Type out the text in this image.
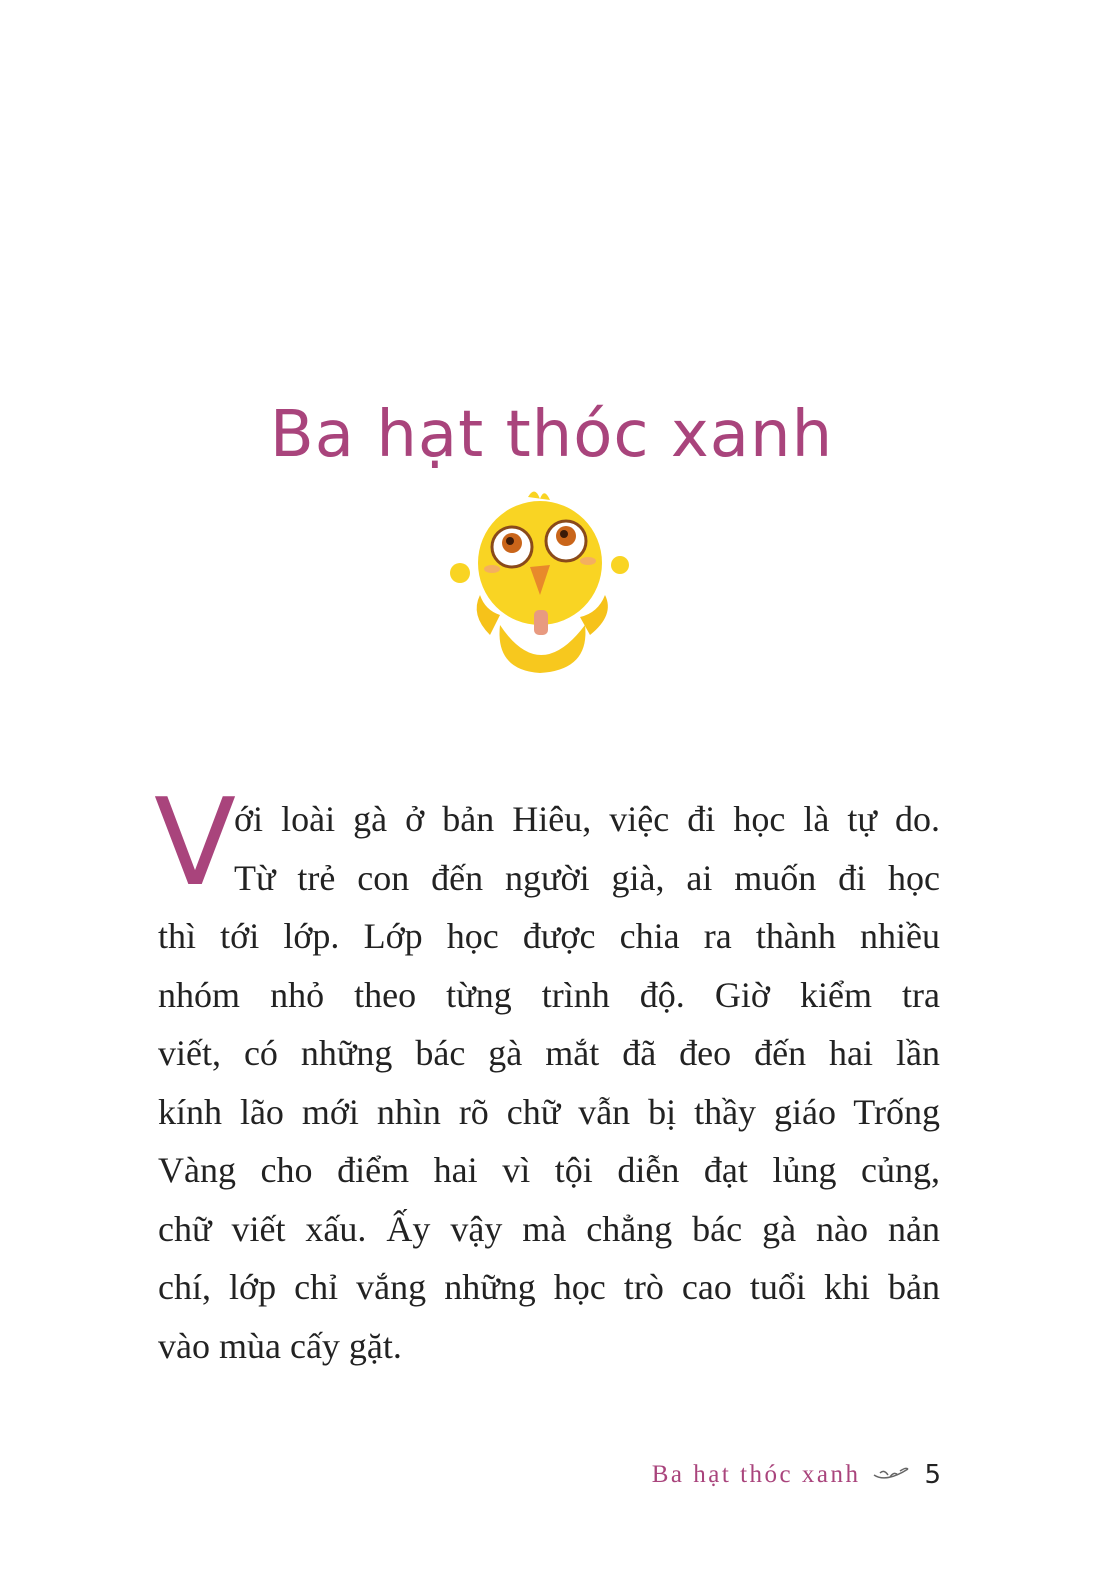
Ba hạt thóc xanh
V
ới loài gà ở bản Hiêu, việc đi học là tự do.
Từ trẻ con đến người già, ai muốn đi học
thì tới lớp. Lớp học được chia ra thành nhiều
nhóm nhỏ theo từng trình độ. Giờ kiểm tra
viết, có những bác gà mắt đã đeo đến hai lần
kính lão mới nhìn rõ chữ vẫn bị thầy giáo Trống
Vàng cho điểm hai vì tội diễn đạt lủng củng,
chữ viết xấu. Ấy vậy mà chẳng bác gà nào nản
chí, lớp chỉ vắng những học trò cao tuổi khi bản
vào mùa cấy gặt.
Ba hạt thóc xanh 5
